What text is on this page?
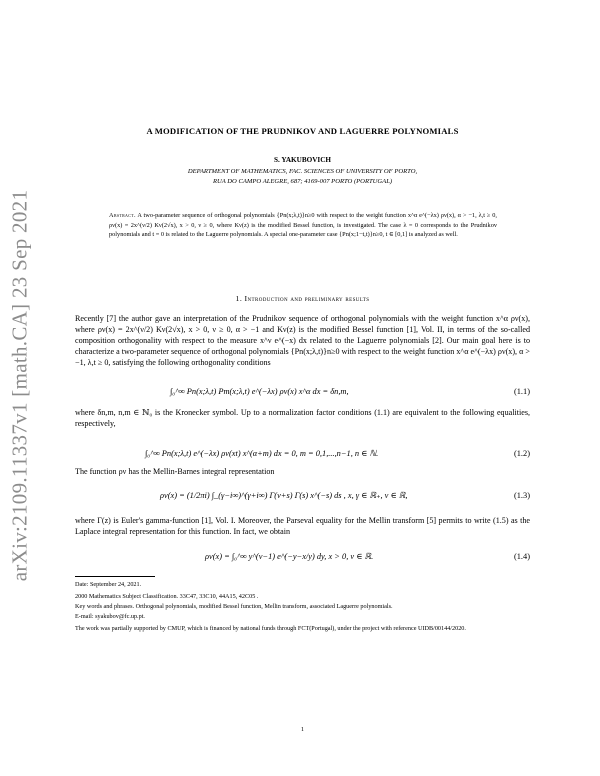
arXiv:2109.11337v1 [math.CA] 23 Sep 2021
A MODIFICATION OF THE PRUDNIKOV AND LAGUERRE POLYNOMIALS
S. YAKUBOVICH
DEPARTMENT OF MATHEMATICS, FAC. SCIENCES OF UNIVERSITY OF PORTO,
RUA DO CAMPO ALEGRE, 687; 4169-007 PORTO (PORTUGAL)
Abstract. A two-parameter sequence of orthogonal polynomials {Pn(x;λ,t)}n≥0 with respect to the weight function x^α e^(−λx) ρν(x), α > −1, λ,t ≥ 0, ρν(x) = 2x^(ν/2) Kν(2√x), x > 0, ν ≥ 0, where Kν(z) is the modified Bessel function, is investigated. The case λ = 0 corresponds to the Prudnikov polynomials and t = 0 is related to the Laguerre polynomials. A special one-parameter case {Pn(x;1−t,t)}n≥0, t ∈ [0,1] is analyzed as well.
1. Introduction and preliminary results
Recently [7] the author gave an interpretation of the Prudnikov sequence of orthogonal polynomials with the weight function x^α ρν(x), where ρν(x) = 2x^(ν/2) Kν(2√x), x > 0, ν ≥ 0, α > −1 and Kν(z) is the modified Bessel function [1], Vol. II, in terms of the so-called composition orthogonality with respect to the measure x^ν e^(−x) dx related to the Laguerre polynomials [2]. Our main goal here is to characterize a two-parameter sequence of orthogonal polynomials {Pn(x;λ,t)}n≥0 with respect to the weight function x^α e^(−λx) ρν(x), α > −1, λ,t ≥ 0, satisfying the following orthogonality conditions
∫₀^∞ Pn(x;λ,t) Pm(x;λ,t) e^(−λx) ρν(x) x^α dx = δn,m,	(1.1)
where δn,m, n,m ∈ ℕ₀ is the Kronecker symbol. Up to a normalization factor conditions (1.1) are equivalent to the following equalities, respectively,
∫₀^∞ Pn(x;λ,t) e^(−λx) ρν(xt) x^(α+m) dx = 0, m = 0,1,...,n−1, n ∈ ℕ.	(1.2)
The function ρν has the Mellin-Barnes integral representation
ρν(x) = (1/2πi) ∫_(γ−i∞)^(γ+i∞) Γ(ν+s) Γ(s) x^(−s) ds , x, γ ∈ ℝ₊, ν ∈ ℝ,	(1.3)
where Γ(z) is Euler's gamma-function [1], Vol. I. Moreover, the Parseval equality for the Mellin transform [5] permits to write (1.5) as the Laplace integral representation for this function. In fact, we obtain
ρν(x) = ∫₀^∞ y^(ν−1) e^(−y−x/y) dy, x > 0, ν ∈ ℝ.	(1.4)
Date: September 24, 2021.
2000 Mathematics Subject Classification. 33C47, 33C10, 44A15, 42C05 .
Key words and phrases. Orthogonal polynomials, modified Bessel function, Mellin transform, associated Laguerre polynomials.
E-mail: syakubov@fc.up.pt.
The work was partially supported by CMUP, which is financed by national funds through FCT(Portugal), under the project with reference UIDB/00144/2020.
1
